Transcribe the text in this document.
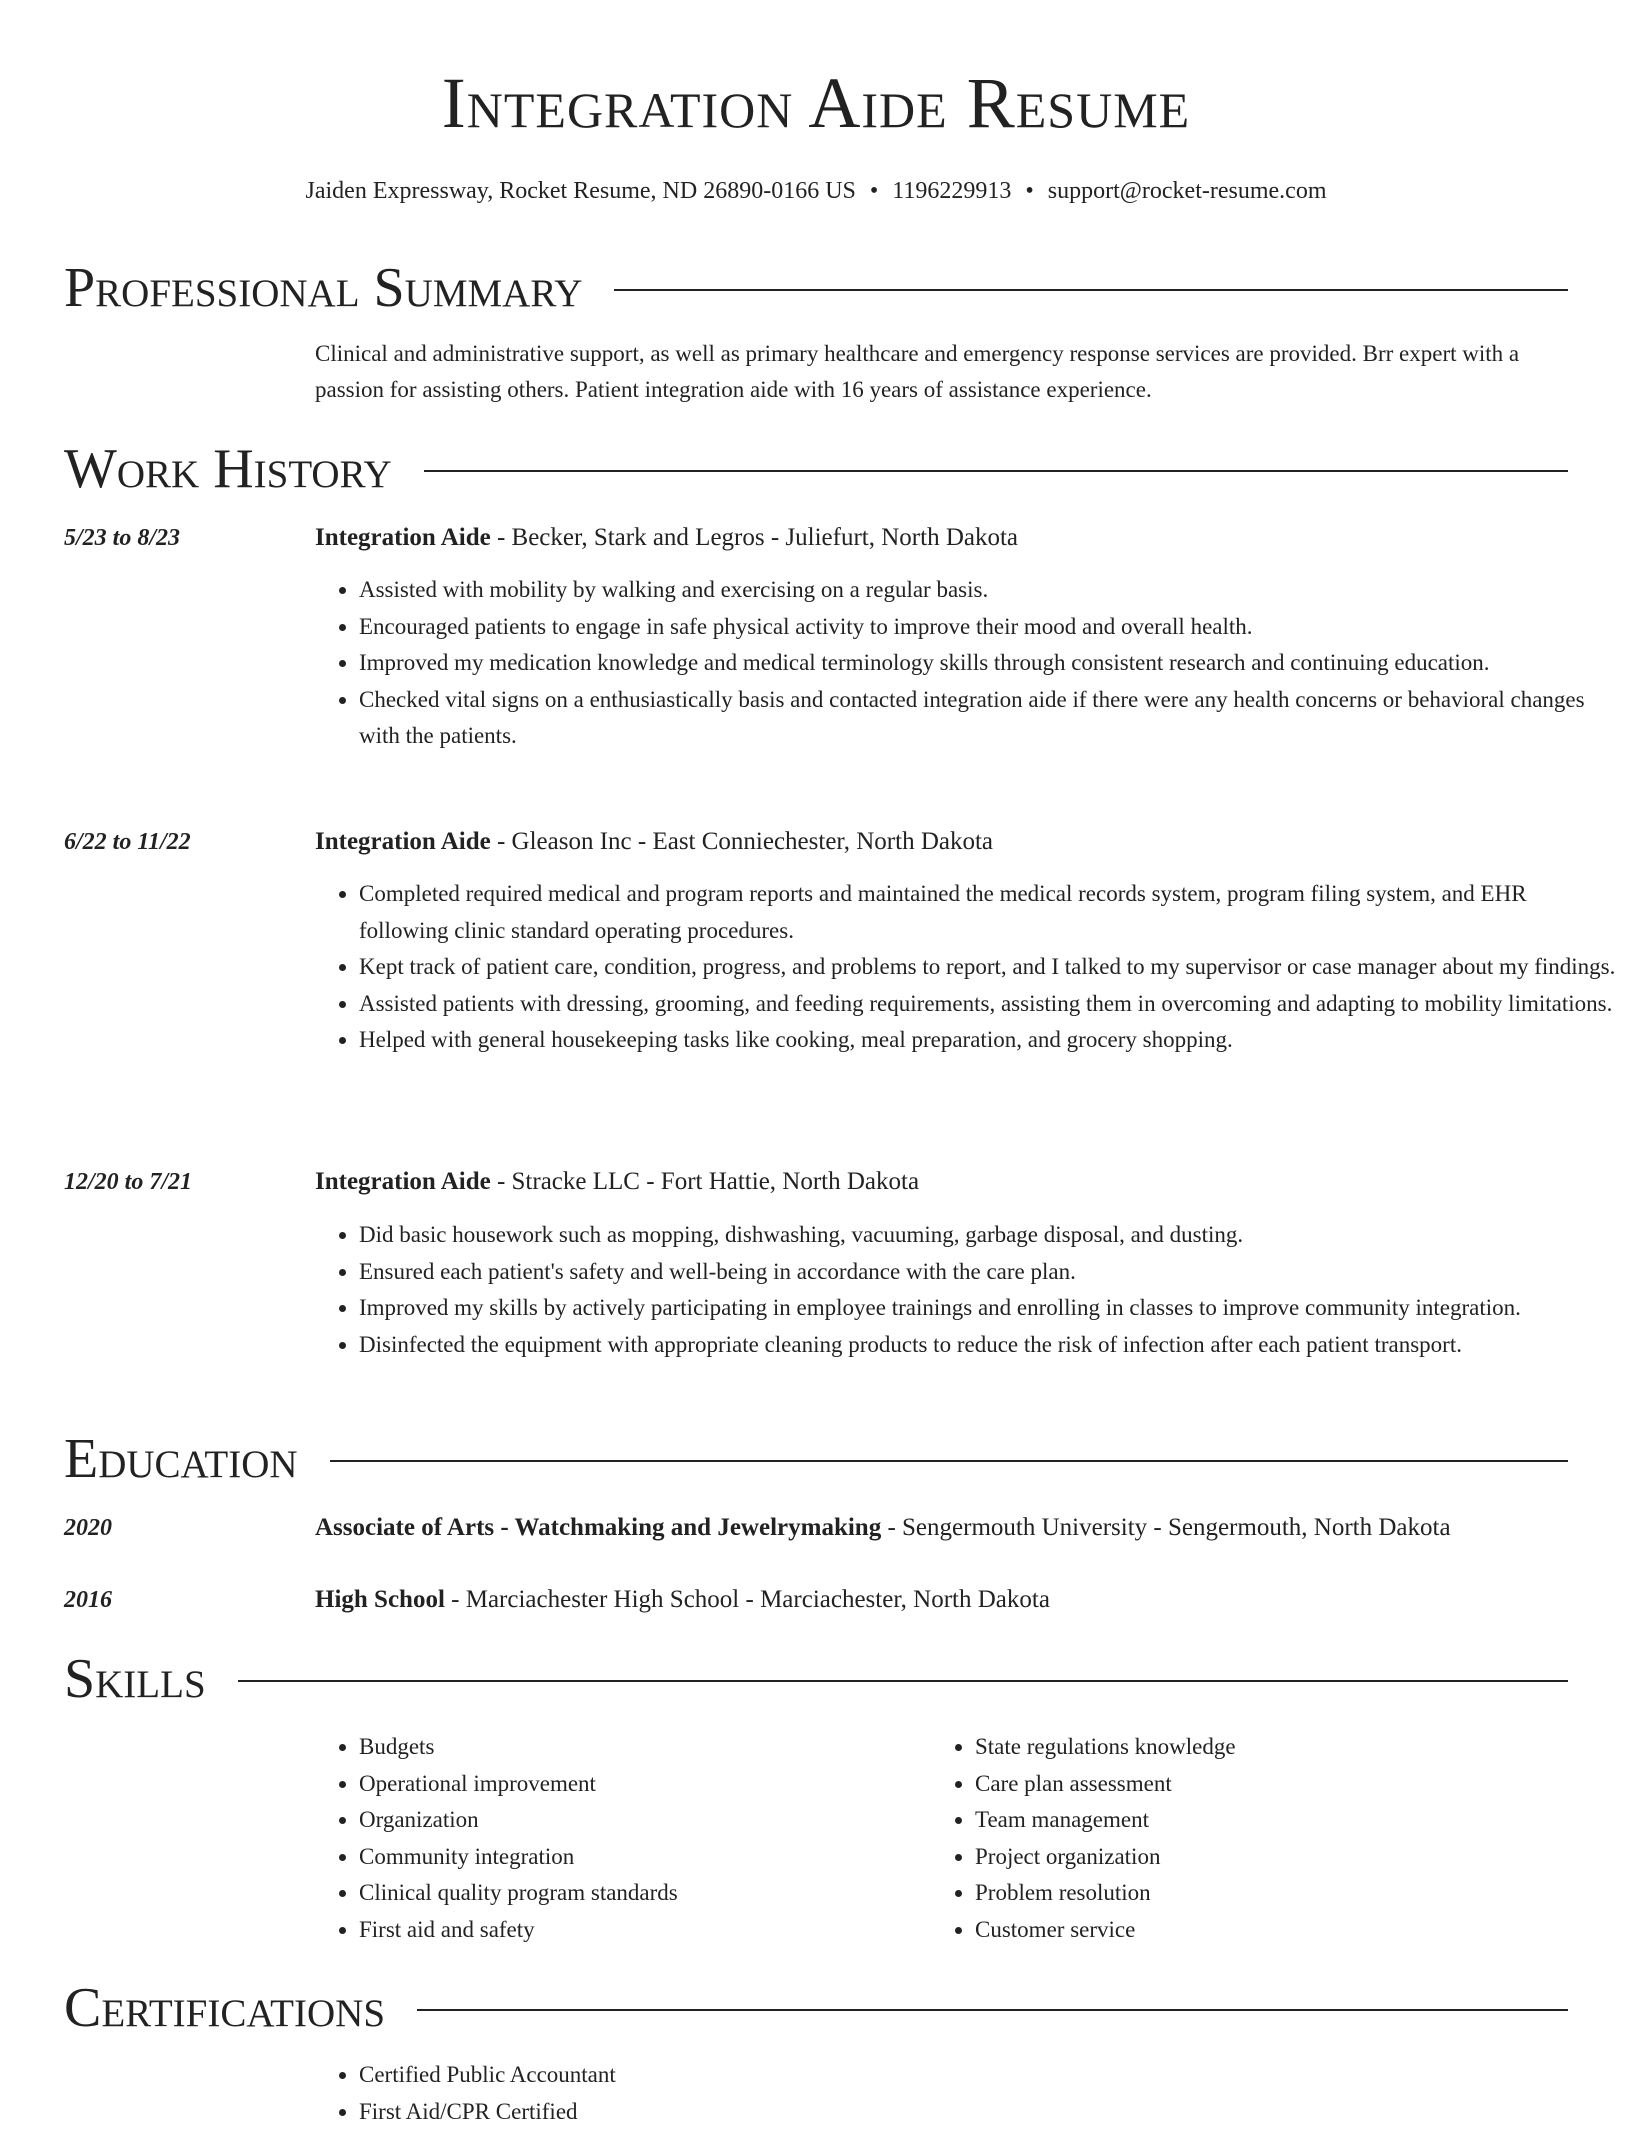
Integration Aide Resume
Jaiden Expressway, Rocket Resume, ND 26890-0166 US • 1196229913 • support@rocket-resume.com
Professional Summary
Clinical and administrative support, as well as primary healthcare and emergency response services are provided. Brr expert with a passion for assisting others. Patient integration aide with 16 years of assistance experience.
Work History
5/23 to 8/23	Integration Aide - Becker, Stark and Legros - Juliefurt, North Dakota
• Assisted with mobility by walking and exercising on a regular basis.
• Encouraged patients to engage in safe physical activity to improve their mood and overall health.
• Improved my medication knowledge and medical terminology skills through consistent research and continuing education.
• Checked vital signs on a enthusiastically basis and contacted integration aide if there were any health concerns or behavioral changes with the patients.
6/22 to 11/22	Integration Aide - Gleason Inc - East Conniechester, North Dakota
• Completed required medical and program reports and maintained the medical records system, program filing system, and EHR following clinic standard operating procedures.
• Kept track of patient care, condition, progress, and problems to report, and I talked to my supervisor or case manager about my findings.
• Assisted patients with dressing, grooming, and feeding requirements, assisting them in overcoming and adapting to mobility limitations.
• Helped with general housekeeping tasks like cooking, meal preparation, and grocery shopping.
12/20 to 7/21	Integration Aide - Stracke LLC - Fort Hattie, North Dakota
• Did basic housework such as mopping, dishwashing, vacuuming, garbage disposal, and dusting.
• Ensured each patient's safety and well-being in accordance with the care plan.
• Improved my skills by actively participating in employee trainings and enrolling in classes to improve community integration.
• Disinfected the equipment with appropriate cleaning products to reduce the risk of infection after each patient transport.
Education
2020	Associate of Arts - Watchmaking and Jewelrymaking - Sengermouth University - Sengermouth, North Dakota
2016	High School - Marciachester High School - Marciachester, North Dakota
Skills
• Budgets
• Operational improvement
• Organization
• Community integration
• Clinical quality program standards
• First aid and safety
• State regulations knowledge
• Care plan assessment
• Team management
• Project organization
• Problem resolution
• Customer service
Certifications
• Certified Public Accountant
• First Aid/CPR Certified
